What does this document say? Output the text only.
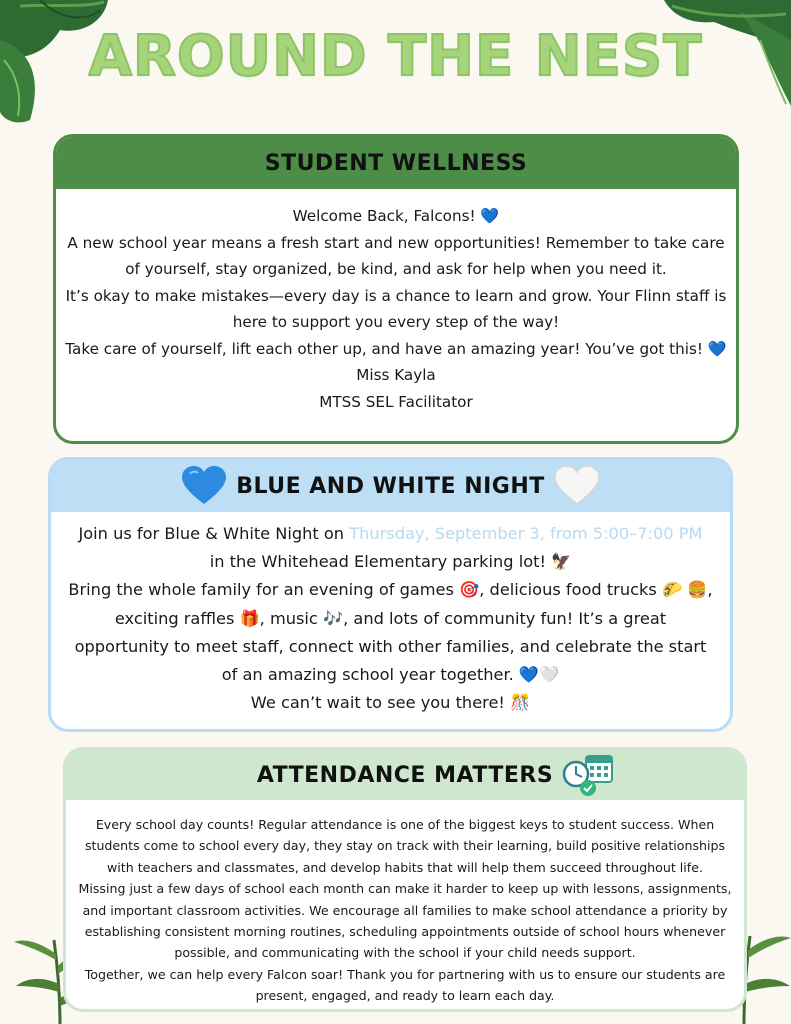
AROUND THE NEST
STUDENT WELLNESS

Welcome Back, Falcons! 💙

A new school year means a fresh start and new opportunities! Remember to take care of yourself, stay organized, be kind, and ask for help when you need it.

It’s okay to make mistakes—every day is a chance to learn and grow. Your Flinn staff is here to support you every step of the way!

Take care of yourself, lift each other up, and have an amazing year! You’ve got this! 💙

Miss Kayla

MTSS SEL Facilitator

BLUE AND WHITE NIGHT

Join us for Blue & White Night on Thursday, September 3, from 5:00–7:00 PM

in the Whitehead Elementary parking lot! 🦅

Bring the whole family for an evening of games 🎯, delicious food trucks 🌮 🍔, exciting raffles 🎁, music 🎶, and lots of community fun! It’s a great opportunity to meet staff, connect with other families, and celebrate the start of an amazing school year together. 💙🤍

We can’t wait to see you there! 🎊

ATTENDANCE MATTERS

Every school day counts! Regular attendance is one of the biggest keys to student success. When students come to school every day, they stay on track with their learning, build positive relationships with teachers and classmates, and develop habits that will help them succeed throughout life.

Missing just a few days of school each month can make it harder to keep up with lessons, assignments, and important classroom activities. We encourage all families to make school attendance a priority by establishing consistent morning routines, scheduling appointments outside of school hours whenever possible, and communicating with the school if your child needs support.

Together, we can help every Falcon soar! Thank you for partnering with us to ensure our students are present, engaged, and ready to learn each day.
